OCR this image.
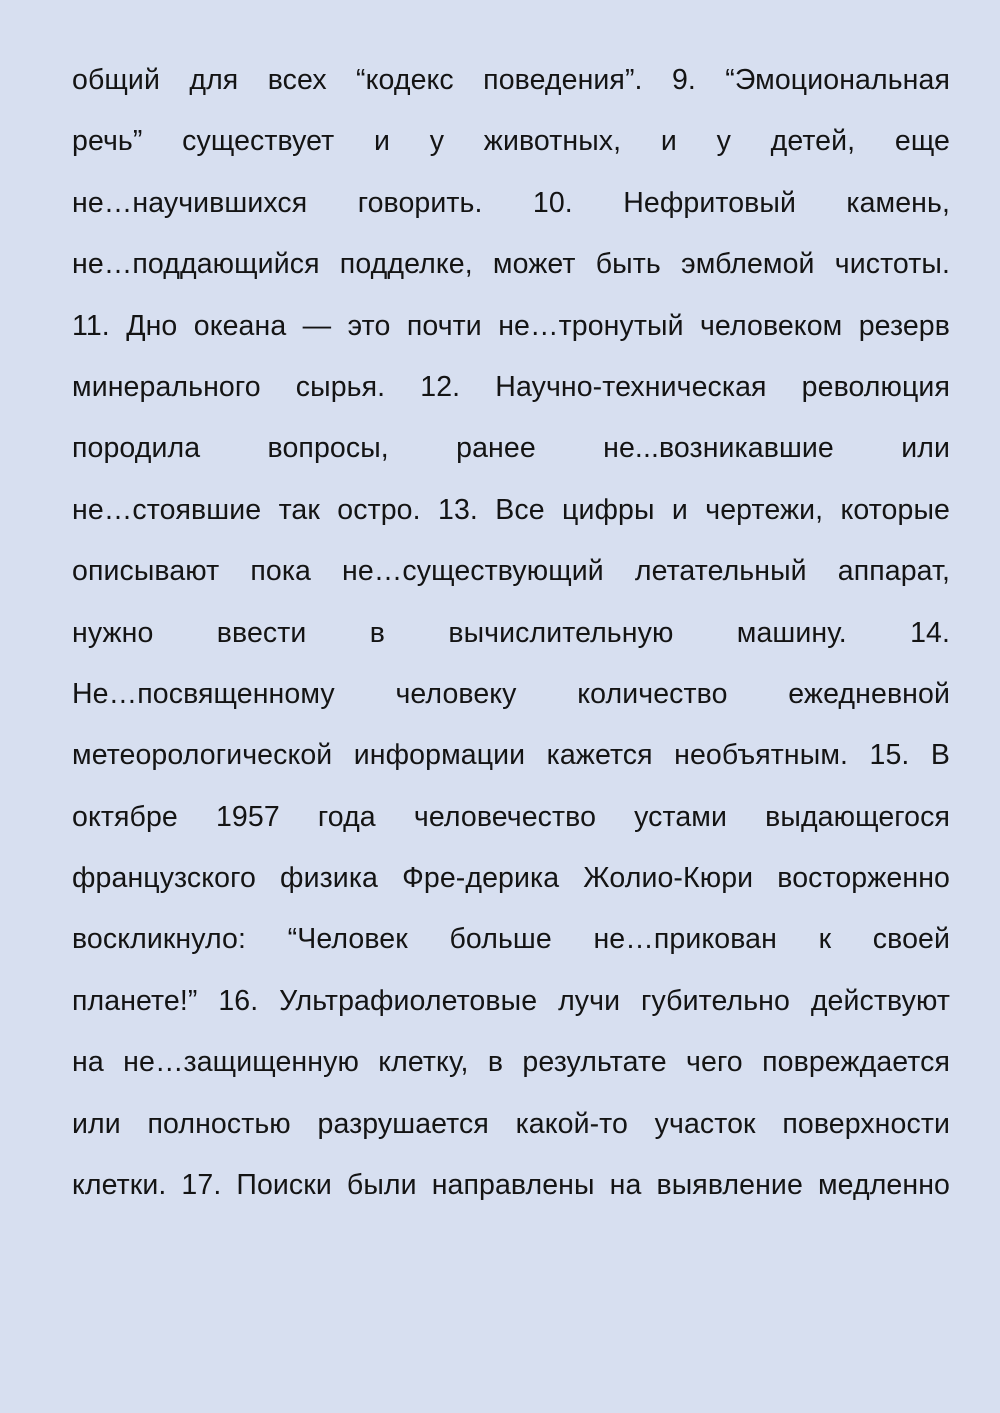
общий для всех “кодекс поведения”. 9. “Эмоциональная
речь” существует и у животных, и у детей, еще
не…научившихся говорить. 10. Нефритовый камень,
не…поддающийся подделке, может быть эмблемой чистоты.
11. Дно океана — это почти не…тронутый человеком резерв
минерального сырья. 12. Научно-техническая революция
породила вопросы, ранее не...возникавшие или
не…стоявшие так остро. 13. Все цифры и чертежи, которые
описывают пока не…существующий летательный аппарат,
нужно ввести в вычислительную машину. 14.
Не…посвященному человеку количество ежедневной
метеорологической информации кажется необъятным. 15. В
октябре 1957 года человечество устами выдающегося
французского физика Фре-дерика Жолио-Кюри восторженно
воскликнуло: “Человек больше не…прикован к своей
планете!” 16. Ультрафиолетовые лучи губительно действуют
на не…защищенную клетку, в результате чего повреждается
или полностью разрушается какой-то участок поверхности
клетки. 17. Поиски были направлены на выявление медленно
